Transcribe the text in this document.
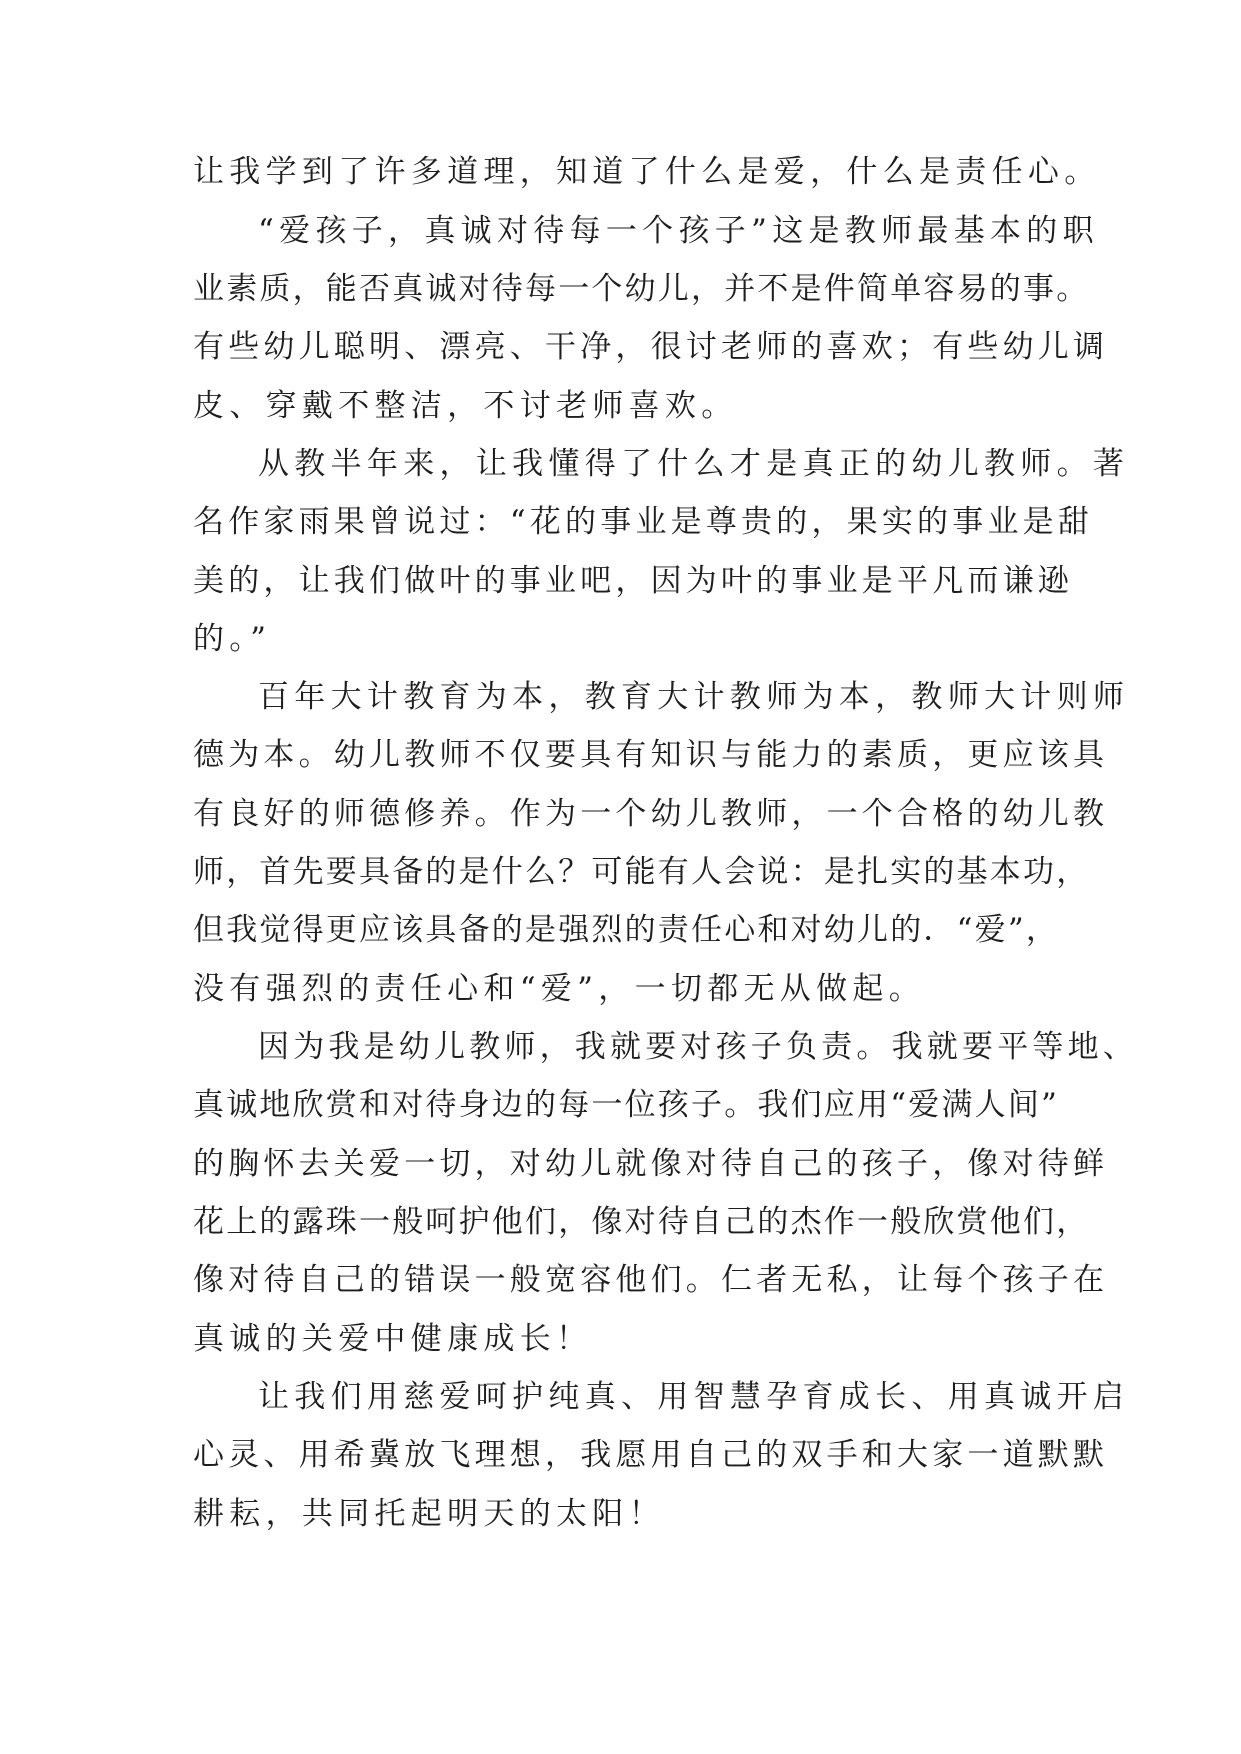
让我学到了许多道理，知道了什么是爱，什么是责任心。

“爱孩子，真诚对待每一个孩子”这是教师最基本的职

业素质，能否真诚对待每一个幼儿，并不是件简单容易的事。

有些幼儿聪明、漂亮、干净，很讨老师的喜欢；有些幼儿调

皮、穿戴不整洁，不讨老师喜欢。

从教半年来，让我懂得了什么才是真正的幼儿教师。著

名作家雨果曾说过：“花的事业是尊贵的，果实的事业是甜

美的，让我们做叶的事业吧，因为叶的事业是平凡而谦逊

的。”

百年大计教育为本，教育大计教师为本，教师大计则师

德为本。幼儿教师不仅要具有知识与能力的素质，更应该具

有良好的师德修养。作为一个幼儿教师，一个合格的幼儿教

师，首先要具备的是什么？可能有人会说：是扎实的基本功，

但我觉得更应该具备的是强烈的责任心和对幼儿的．“爱”，

没有强烈的责任心和“爱”，一切都无从做起。

因为我是幼儿教师，我就要对孩子负责。我就要平等地、

真诚地欣赏和对待身边的每一位孩子。我们应用“爱满人间”

的胸怀去关爱一切，对幼儿就像对待自己的孩子，像对待鲜

花上的露珠一般呵护他们，像对待自己的杰作一般欣赏他们，

像对待自己的错误一般宽容他们。仁者无私，让每个孩子在

真诚的关爱中健康成长！

让我们用慈爱呵护纯真、用智慧孕育成长、用真诚开启

心灵、用希冀放飞理想，我愿用自己的双手和大家一道默默

耕耘，共同托起明天的太阳！
